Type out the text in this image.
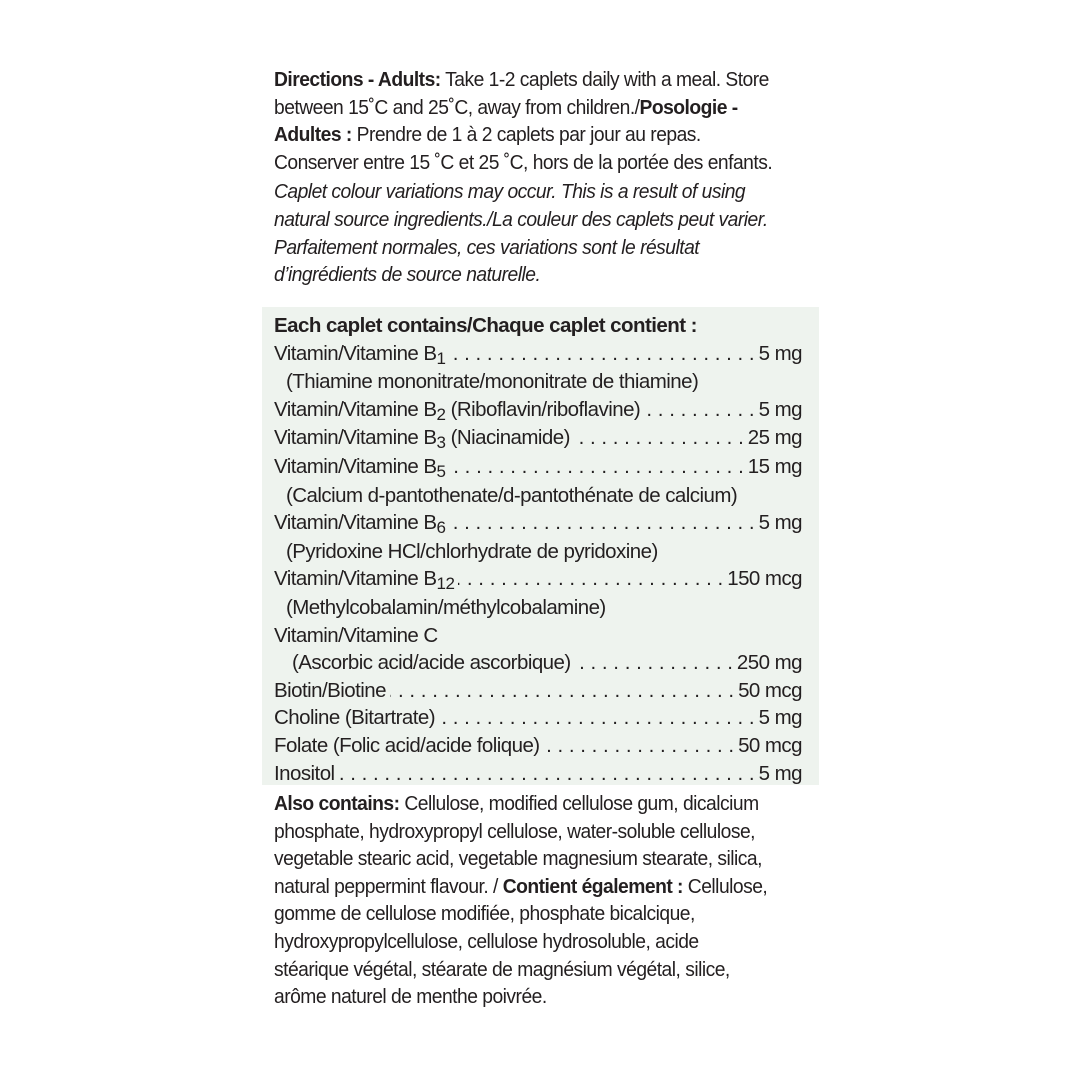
Directions - Adults: Take 1-2 caplets daily with a meal. Store between 15˚C and 25˚C, away from children./Posologie - Adultes : Prendre de 1 à 2 caplets par jour au repas. Conserver entre 15 ˚C et 25 ˚C, hors de la portée des enfants.

Caplet colour variations may occur. This is a result of using natural source ingredients./La couleur des caplets peut varier. Parfaitement normales, ces variations sont le résultat d’ingrédients de source naturelle.

Each caplet contains/Chaque caplet contient :

Vitamin/Vitamine B1 . . .	5 mg
(Thiamine mononitrate/mononitrate de thiamine)
Vitamin/Vitamine B2 (Riboflavin/riboflavine) . . .	5 mg
Vitamin/Vitamine B3 (Niacinamide) . . .	25 mg
Vitamin/Vitamine B5 . . .	15 mg
(Calcium d-pantothenate/d-pantothénate de calcium)
Vitamin/Vitamine B6 . . .	5 mg
(Pyridoxine HCl/chlorhydrate de pyridoxine)
Vitamin/Vitamine B12 . . .	150 mcg
(Methylcobalamin/méthylcobalamine)
Vitamin/Vitamine C
(Ascorbic acid/acide ascorbique) . . .	250 mg
Biotin/Biotine . . .	50 mcg
Choline (Bitartrate) . . .	5 mg
Folate (Folic acid/acide folique) . . .	50 mcg
Inositol . . .	5 mg

Also contains: Cellulose, modified cellulose gum, dicalcium phosphate, hydroxypropyl cellulose, water-soluble cellulose, vegetable stearic acid, vegetable magnesium stearate, silica, natural peppermint flavour. / Contient également : Cellulose, gomme de cellulose modifiée, phosphate bicalcique, hydroxypropylcellulose, cellulose hydrosoluble, acide stéarique végétal, stéarate de magnésium végétal, silice, arôme naturel de menthe poivrée.
